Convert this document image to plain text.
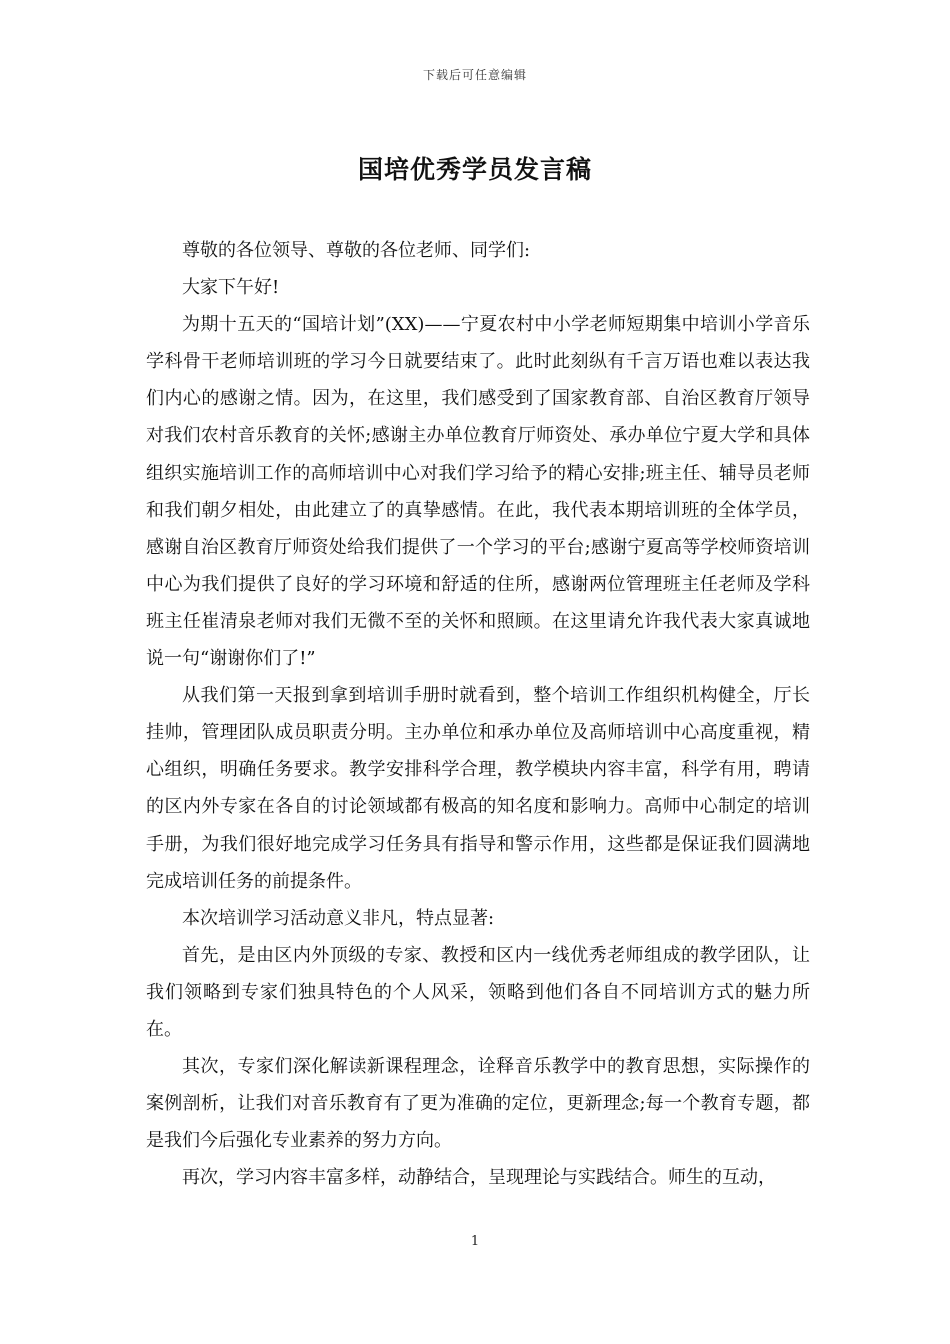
下载后可任意编辑
国培优秀学员发言稿

尊敬的各位领导、尊敬的各位老师、同学们:

大家下午好!

为期十五天的“国培计划”(XX)——宁夏农村中小学老师短期集中培训小学音乐学科骨干老师培训班的学习今日就要结束了。此时此刻纵有千言万语也难以表达我们内心的感谢之情。因为，在这里，我们感受到了国家教育部、自治区教育厅领导对我们农村音乐教育的关怀;感谢主办单位教育厅师资处、承办单位宁夏大学和具体组织实施培训工作的高师培训中心对我们学习给予的精心安排;班主任、辅导员老师和我们朝夕相处，由此建立了的真挚感情。在此，我代表本期培训班的全体学员，感谢自治区教育厅师资处给我们提供了一个学习的平台;感谢宁夏高等学校师资培训中心为我们提供了良好的学习环境和舒适的住所，感谢两位管理班主任老师及学科班主任崔清泉老师对我们无微不至的关怀和照顾。在这里请允许我代表大家真诚地说一句“谢谢你们了!”

从我们第一天报到拿到培训手册时就看到，整个培训工作组织机构健全，厅长挂帅，管理团队成员职责分明。主办单位和承办单位及高师培训中心高度重视，精心组织，明确任务要求。教学安排科学合理，教学模块内容丰富，科学有用，聘请的区内外专家在各自的讨论领域都有极高的知名度和影响力。高师中心制定的培训手册，为我们很好地完成学习任务具有指导和警示作用，这些都是保证我们圆满地完成培训任务的前提条件。

本次培训学习活动意义非凡，特点显著:

首先，是由区内外顶级的专家、教授和区内一线优秀老师组成的教学团队，让我们领略到专家们独具特色的个人风采，领略到他们各自不同培训方式的魅力所在。

其次，专家们深化解读新课程理念，诠释音乐教学中的教育思想，实际操作的案例剖析，让我们对音乐教育有了更为准确的定位，更新理念;每一个教育专题，都是我们今后强化专业素养的努力方向。

再次，学习内容丰富多样，动静结合，呈现理论与实践结合。师生的互动，

1
